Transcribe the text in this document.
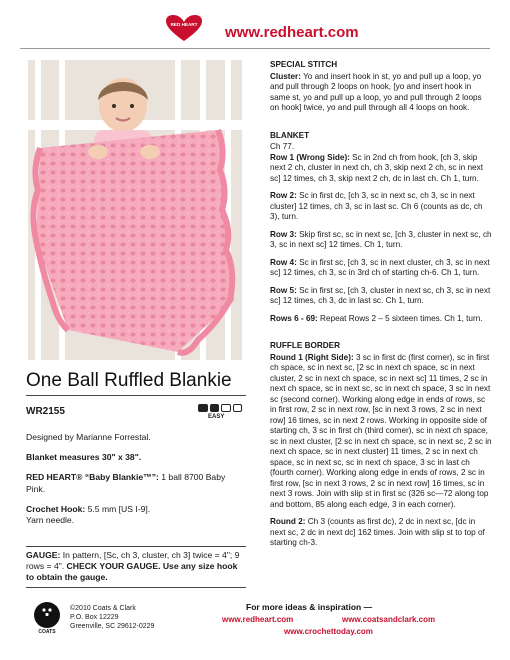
RED HEART www.redheart.com
One Ball Ruffled Blankie
WR2155	EASY

Designed by Marianne Forrestal.

Blanket measures 30" x 38".

RED HEART® “Baby Blankie™”: 1 ball 8700 Baby Pink.

Crochet Hook: 5.5 mm [US I-9].

Yarn needle.

GAUGE: In pattern, [Sc, ch 3, cluster, ch 3] twice = 4"; 9 rows = 4". CHECK YOUR GAUGE. Use any size hook to obtain the gauge.
SPECIAL STITCH

Cluster: Yo and insert hook in st, yo and pull up a loop, yo and pull through 2 loops on hook, [yo and insert hook in same st, yo and pull up a loop, yo and pull through 2 loops on hook] twice, yo and pull through all 4 loops on hook.

BLANKET
Ch 77.

Row 1 (Wrong Side): Sc in 2nd ch from hook, [ch 3, skip next 2 ch, cluster in next ch, ch 3, skip next 2 ch, sc in next sc] 12 times, ch 3, skip next 2 ch, dc in last ch. Ch 1, turn.

Row 2: Sc in first dc, [ch 3, sc in next sc, ch 3, sc in next cluster] 12 times, ch 3, sc in last sc. Ch 6 (counts as dc, ch 3), turn.

Row 3: Skip first sc, sc in next sc, [ch 3, cluster in next sc, ch 3, sc in next sc] 12 times. Ch 1, turn.

Row 4: Sc in first sc, [ch 3, sc in next cluster, ch 3, sc in next sc] 12 times, ch 3, sc in 3rd ch of starting ch-6. Ch 1, turn.

Row 5: Sc in first sc, [ch 3, cluster in next sc, ch 3, sc in next sc] 12 times, ch 3, dc in last sc. Ch 1, turn.

Rows 6 - 69: Repeat Rows 2 – 5 sixteen times. Ch 1, turn.

RUFFLE BORDER

Round 1 (Right Side): 3 sc in first dc (first corner), sc in first ch space, sc in next sc, [2 sc in next ch space, sc in next cluster, 2 sc in next ch space, sc in next sc] 11 times, 2 sc in next ch space, sc in next sc, sc in next ch space, 3 sc in next sc (second corner). Working along edge in ends of rows, sc in first row, 2 sc in next row, [sc in next 3 rows, 2 sc in next row] 16 times, sc in next 2 rows. Working in opposite side of starting ch, 3 sc in first ch (third corner), sc in next ch space, sc in next cluster, [2 sc in next ch space, sc in next sc, 2 sc in next ch space, sc in next cluster] 11 times, 2 sc in next ch space, sc in next sc, sc in next ch space, 3 sc in last ch (fourth corner). Working along edge in ends of rows, 2 sc in first row, [sc in next 3 rows, 2 sc in next row] 16 times, sc in next 3 rows. Join with slip st in first sc (326 sc—72 along top and bottom, 85 along each edge, 3 in each corner).

Round 2: Ch 3 (counts as first dc), 2 dc in next sc, [dc in next sc, 2 dc in next dc] 162 times. Join with slip st to top of starting ch-3.

COATS
©2010 Coats & Clark
P.O. Box 12229
Greenville, SC 29612-0229
For more ideas & inspiration —
www.redheart.com	www.coatsandclark.com
www.crochettoday.com
